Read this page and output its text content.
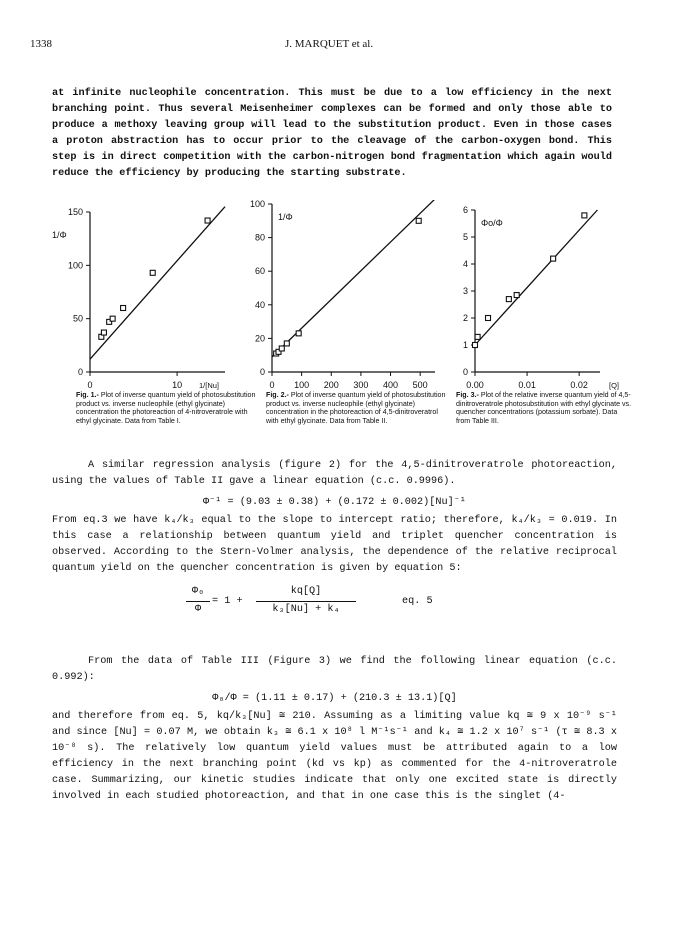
1338	J. MARQUET et al.
at infinite nucleophile concentration. This must be due to a low efficiency in the next branching point. Thus several Meisenheimer complexes can be formed and only those able to produce a methoxy leaving group will lead to the substitution product. Even in those cases a proton abstraction has to occur prior to the cleavage of the carbon-oxygen bond. This step is in direct competition with the carbon-nitrogen bond fragmentation which again would reduce the efficiency by producing the starting substrate.
0
50
100
150
0	10
1/Φ
1/[Nu]
0
20
40
60
80
100
0 100 200 300 400 500
1/Φ
0
1
2
3
4
5
6
0.00	0.01	0.02
Φo/Φ
[Q]
Fig. 1.- Plot of inverse quantum yield of photosubstitution product vs. inverse nucleophile (ethyl glycinate) concentration the photoreaction of 4-nitroveratrole with ethyl glycinate. Data from Table I.
Fig. 2.- Plot of inverse quantum yield of photosubstitution product vs. inverse nucleophile (ethyl glycinate) concentration in the photoreaction of 4,5-dinitroveratrol with ethyl glycinate. Data from Table II.
Fig. 3.- Plot of the relative inverse quantum yield of 4,5-dinitroveratrole photosubstitution with ethyl glycinate vs. quencher concentrations (potassium sorbate). Data from Table III.
A similar regression analysis (figure 2) for the 4,5-dinitroveratrole photoreaction, using the values of Table II gave a linear equation (c.c. 0.9996).
Φ⁻¹ = (9.03 ± 0.38) + (0.172 ± 0.002)[Nu]⁻¹
From eq.3 we have k₄/k₃ equal to the slope to intercept ratio; therefore, k₄/k₃ = 0.019. In this case a relationship between quantum yield and triplet quencher concentration is observed. According to the Stern-Volmer analysis, the dependence of the relative reciprocal quantum yield on the quencher concentration is given by equation 5:
Φ₀
Φ
= 1 +
kq[Q]
k₃[Nu] + k₄
eq. 5
From the data of Table III (Figure 3) we find the following linear equation (c.c. 0.992):
Φ₀/Φ = (1.11 ± 0.17) + (210.3 ± 13.1)[Q]
and therefore from eq. 5, kq/k₃[Nu] ≅ 210. Assuming as a limiting value kq ≅ 9 x 10⁻⁹ s⁻¹ and since [Nu] = 0.07 M, we obtain k₃ ≅ 6.1 x 10⁸ l M⁻¹s⁻¹ and k₄ ≅ 1.2 x 10⁷ s⁻¹ (τ ≅ 8.3 x 10⁻⁸ s). The relatively low quantum yield values must be attributed again to a low efficiency in the next branching point (kd vs kp) as commented for the 4-nitroveratrole case. Summarizing, our kinetic studies indicate that only one excited state is directly involved in each studied photoreaction, and that in one case this is the singlet (4-
